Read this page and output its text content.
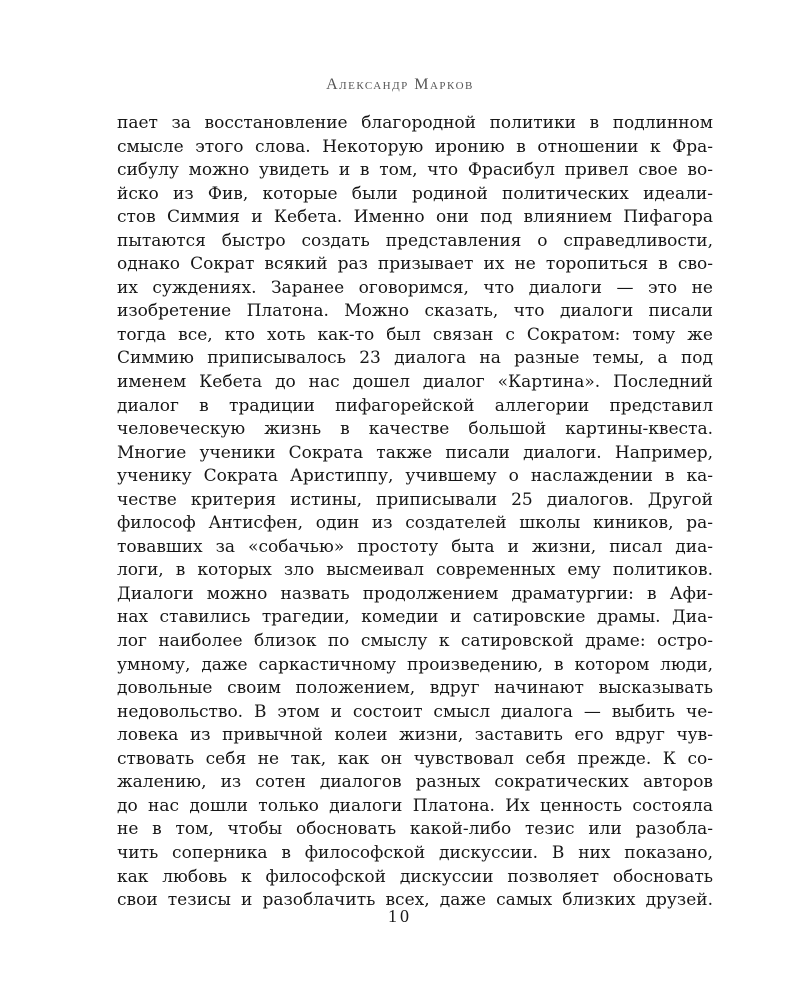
Александр Марков
пает за восстановление благородной политики в подлинном
смысле этого слова. Некоторую иронию в отношении к Фра-
сибулу можно увидеть и в том, что Фрасибул привел свое во-
йско из Фив, которые были родиной политических идеали-
стов Симмия и Кебета. Именно они под влиянием Пифагора
пытаются быстро создать представления о справедливости,
однако Сократ всякий раз призывает их не торопиться в сво-
их суждениях. Заранее оговоримся, что диалоги — это не
изобретение Платона. Можно сказать, что диалоги писали
тогда все, кто хоть как-то был связан с Сократом: тому же
Симмию приписывалось 23 диалога на разные темы, а под
именем Кебета до нас дошел диалог «Картина». Последний
диалог в традиции пифагорейской аллегории представил
человеческую жизнь в качестве большой картины-квеста.
Многие ученики Сократа также писали диалоги. Например,
ученику Сократа Аристиппу, учившему о наслаждении в ка-
честве критерия истины, приписывали 25 диалогов. Другой
философ Антисфен, один из создателей школы киников, ра-
товавших за «собачью» простоту быта и жизни, писал диа-
логи, в которых зло высмеивал современных ему политиков.
Диалоги можно назвать продолжением драматургии: в Афи-
нах ставились трагедии, комедии и сатировские драмы. Диа-
лог наиболее близок по смыслу к сатировской драме: остро-
умному, даже саркастичному произведению, в котором люди,
довольные своим положением, вдруг начинают высказывать
недовольство. В этом и состоит смысл диалога — выбить че-
ловека из привычной колеи жизни, заставить его вдруг чув-
ствовать себя не так, как он чувствовал себя прежде. К со-
жалению, из сотен диалогов разных сократических авторов
до нас дошли только диалоги Платона. Их ценность состояла
не в том, чтобы обосновать какой-либо тезис или разобла-
чить соперника в философской дискуссии. В них показано,
как любовь к философской дискуссии позволяет обосновать
свои тезисы и разоблачить всех, даже самых близких друзей.
10
